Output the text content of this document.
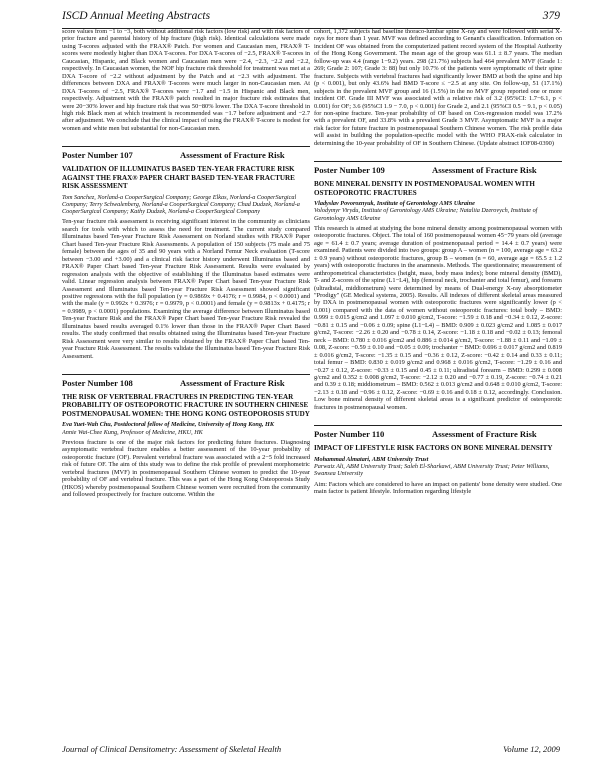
ISCD Annual Meeting Abstracts	379

score values from −1 to −3, both without additional risk factors (low risk) and with risk factors of prior fracture and parental history of hip fracture (high risk). Identical calculations were made using T-scores adjusted with the FRAX® Patch. For women and Caucasian men, FRAX® T-scores were modestly higher than DXA T-scores. For DXA T-scores of −2.5, FRAX® T-scores in Caucasian, Hispanic, and Black women and Caucasian men were −2.4, −2.3, −2.2 and −2.2, respectively. In Caucasian women, the NOF hip fracture risk threshold for treatment was met at a DXA T-score of −2.2 without adjustment by the Patch and at −2.3 with adjustment. The differences between DXA and FRAX® T-scores were much larger in non-Caucasian men. At DXA T-scores of −2.5, FRAX® T-scores were −1.7 and −1.5 in Hispanic and Black men, respectively. Adjustment with the FRAX® patch resulted in major fracture risk estimates that were 20−30% lower and hip fracture risk that was 50−80% lower. The DXA T-score threshold in high risk Black men at which treatment is recommended was −1.7 before adjustment and −2.7 after adjustment. We conclude that the clinical impact of using the FRAX® T-score is modest for women and white men but substantial for non-Caucasian men.

Poster Number 107	Assessment of Fracture Risk
VALIDATION OF ILLUMINATUS BASED TEN-YEAR FRACTURE RISK AGAINST THE FRAX® PAPER CHART BASED TEN-YEAR FRACTURE RISK ASSESSMENT
Tom Sanchez, Norland-a CooperSurgical Company; George Elkas, Norland-a CooperSurgical Company; Terry Schwalenberg, Norland-a CooperSurgical Company; Chad Dudzek, Norland-a CooperSurgical Company; Kathy Dudzek, Norland-a CooperSurgical Company

Ten-year fracture risk assessment is receiving significant interest in the community as clinicians search for tools with which to assess the need for treatment. The current study compared Illuminatus based Ten-year Fracture Risk Assessment on Norland studies with FRAX® Paper Chart based Ten-year Fracture Risk Assessments. A population of 150 subjects (75 male and 75 female) between the ages of 35 and 90 years with a Norland Femur Neck evaluation (T-score between −3.00 and +3.00) and a clinical risk factor history underwent Illuminatus based and FRAX® Paper Chart based Ten-year Fracture Risk Assessment. Results were evaluated by regression analysis with the objective of establishing if the Illuminatus based estimates were valid. Linear regression analysis between FRAX® Paper Chart based Ten-year Fracture Risk Assessment and Illuminatus based Ten-year Fracture Risk Assessment showed significant positive regressions with the full population (y = 0.9869x + 0.4176; r = 0.9984, p < 0.0001) and with the male (y = 0.992x + 0.3976; r = 0.9979, p < 0.0001) and female (y = 0.9813x + 0.4175; r = 0.9989, p < 0.0001) populations. Examining the average difference between Illuminatus based Ten-year Fracture Risk and the FRAX® Paper Chart based Ten-year Fracture Risk revealed the Illuminatus based results averaged 0.1% lower than those in the FRAX® Paper Chart Based results. The study confirmed that results obtained using the Illuminatus based Ten-year Fracture Risk Assessment were very similar to results obtained by the FRAX® Paper Chart based Ten-year Fracture Risk Assessment. The results validate the Illuminatus based Ten-year Fracture Risk Assessment.

Poster Number 108	Assessment of Fracture Risk
THE RISK OF VERTEBRAL FRACTURES IN PREDICTING TEN-YEAR PROBABILITY OF OSTEOPOROTIC FRACTURE IN SOUTHERN CHINESE POSTMENOPAUSAL WOMEN: THE HONG KONG OSTEOPOROSIS STUDY
Eva Yuet-Wah Chu, Postdoctoral fellow of Medicine, University of Hong Kong, HK
Annie Wai-Chee Kung, Professor of Medicine, HKU, HK

Previous fracture is one of the major risk factors for predicting future fractures. Diagnosing asymptomatic vertebral fracture enables a better assessment of the 10-year probability of osteoporotic fracture (OF). Prevalent vertebral fracture was associated with a 2−5 fold increased risk of future OF. The aim of this study was to define the risk profile of prevalent morphometric vertebral fractures (MVF) in postmenopausal Southern Chinese women to predict the 10-year probability of OF and vertebral fracture. This was a part of the Hong Kong Osteoporosis Study (HKOS) whereby postmenopausal Southern Chinese women were recruited from the community and followed prospectively for fracture outcome. Within the

cohort, 1,372 subjects had baseline thoraco-lumbar spine X-ray and were followed with serial X-rays for more than 1 year. MVF was defined according to Genant's classification. Information on incident OF was obtained from the computerized patient record system of the Hospital Authority of the Hong Kong Government. The mean age of the group was 61.1 ± 8.7 years. The median follow-up was 4.4 (range 1−9.2) years. 298 (21.7%) subjects had 464 prevalent MVF (Grade 1: 269; Grade 2: 107; Grade 3: 88) but only 10.7% of the patients were symptomatic of their spine fracture. Subjects with vertebral fractures had significantly lower BMD at both the spine and hip (p < 0.001), but only 43.6% had BMD T-score ≤ −2.5 at any site. On follow-up, 51 (17.1%) subjects in the prevalent MVF group and 16 (1.5%) in the no MVF group reported one or more incident OF. Grade III MVF was associated with a relative risk of 3.2 (95%CI: 1.7−6.1, p < 0.001) for OF; 3.6 (95%CI 1.9 − 7.0, p < 0.001) for Grade 2, and 2.1 (95%CI 0.5 − 9.1, p < 0.05) for non-spine fracture. Ten-year probability of OF based on Cox-regression model was 17.2% with a prevalent OF, and 33.8% with a prevalent Grade 3 MVF. Asymptomatic MVF is a major risk factor for future fracture in postmenopausal Southern Chinese women. The risk profile data will assist in building the population-specific model with the WHO FRAX-risk calculator in determining the 10-year probability of OF in Southern Chinese. (Update abstract IOF08-0390)

Poster Number 109	Assessment of Fracture Risk
BONE MINERAL DENSITY IN POSTMENOPAUSAL WOMEN WITH OSTEOPOROTIC FRACTURES
Vladyslav Povoroznyuk, Institute of Gerontology AMS Ukraine
Volodymyr Virydu, Institute of Gerontology AMS Ukraine; Nataliia Dzerovych, Institute of Gerontology AMS Ukraine

This research is aimed at studying the bone mineral density among postmenopausal women with osteoporotic fractures. Object. The total of 160 postmenopausal women 45−79 years old (average age = 61.4 ± 0.7 years; average duration of postmenopausal period = 14.4 ± 0.7 years) were examined. Patients were divided into two groups: group A – women (n = 100, average age = 63.2 ± 0.9 years) without osteoporotic fractures, group B – women (n = 60, average age = 65.5 ± 1.2 years) with osteoporotic fractures in the anamnesis. Methods. The questionnaire; measurement of anthropometrical characteristics (height, mass, body mass index); bone mineral density (BMD), T- and Z-scores of the spine (L1−L4), hip (femoral neck, trochanter and total femur), and forearm (ultradistal, middiometrum) were determined by means of Dual-energy X-ray absorptiometer "Prodigy" (GE Medical systems, 2005). Results. All indexes of different skeletal areas measured by DXA in postmenopausal women with osteoporotic fractures were significantly lower (p < 0.001) compared with the data of women without osteoporotic fractures: total body – BMD: 0.999 ± 0.015 g/cm2 and 1.097 ± 0.010 g/cm2, T-score: −1.59 ± 0.18 and −0.34 ± 0.12, Z-score: −0.81 ± 0.15 and −0.06 ± 0.09; spine (L1−L4) – BMD: 0.909 ± 0.023 g/cm2 and 1.085 ± 0.017 g/cm2, T-score: −2.26 ± 0.20 and −0.78 ± 0.14, Z-score: −1.18 ± 0.18 and −0.02 ± 0.13; femoral neck – BMD: 0.780 ± 0.016 g/cm2 and 0.886 ± 0.014 g/cm2, T-score: −1.88 ± 0.11 and −1.09 ± 0.08, Z-score: −0.59 ± 0.10 and −0.05 ± 0.09; trochanter − BMD: 0.696 ± 0.017 g/cm2 and 0.819 ± 0.016 g/cm2, T-score: −1.35 ± 0.15 and −0.36 ± 0.12, Z-score: −0.42 ± 0.14 and 0.33 ± 0.11; total femur – BMD: 0.830 ± 0.019 g/cm2 and 0.968 ± 0.016 g/cm2, T-score: −1.29 ± 0.16 and −0.27 ± 0.12, Z-score: −0.33 ± 0.15 and 0.45 ± 0.11; ultradistal forearm – BMD: 0.299 ± 0.008 g/cm2 and 0.352 ± 0.008 g/cm2, T-score: −2.12 ± 0.20 and −0.77 ± 0.19, Z-score: −0.74 ± 0.21 and 0.39 ± 0.18; middiometrum – BMD: 0.562 ± 0.013 g/cm2 and 0.648 ± 0.010 g/cm2, T-score: −2.13 ± 0.18 and −0.96 ± 0.12, Z-score: −0.69 ± 0.16 and 0.18 ± 0.12, accordingly. Conclusion. Low bone mineral density of different skeletal areas is a significant predictor of osteoporotic fractures in postmenopausal women.

Poster Number 110	Assessment of Fracture Risk
IMPACT OF LIFESTYLE RISK FACTORS ON BONE MINERAL DENSITY
Mohammad Almatari, ABM University Trust
Parwaiz Ali, ABM University Trust; Saleh El-Sharkawi, ABM University Trust; Peter Williams, Swansea University

Aim: Factors which are considered to have an impact on patients' bone density were studied. One main factor is patient lifestyle. Information regarding lifestyle

Journal of Clinical Densitometry: Assessment of Skeletal Health	Volume 12, 2009
